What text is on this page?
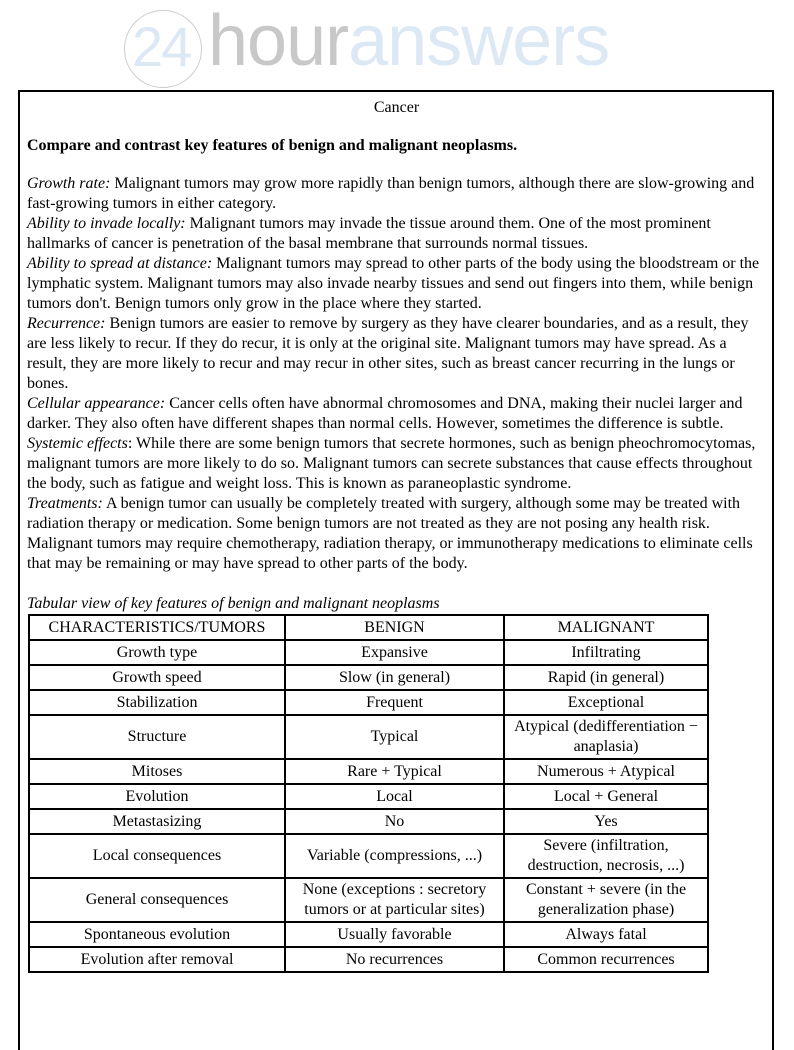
24 houranswers
Cancer
Compare and contrast key features of benign and malignant neoplasms.

Growth rate: Malignant tumors may grow more rapidly than benign tumors, although there are slow-growing and fast-growing tumors in either category.

Ability to invade locally: Malignant tumors may invade the tissue around them. One of the most prominent hallmarks of cancer is penetration of the basal membrane that surrounds normal tissues.

Ability to spread at distance: Malignant tumors may spread to other parts of the body using the bloodstream or the lymphatic system. Malignant tumors may also invade nearby tissues and send out fingers into them, while benign tumors don't. Benign tumors only grow in the place where they started.

Recurrence: Benign tumors are easier to remove by surgery as they have clearer boundaries, and as a result, they are less likely to recur. If they do recur, it is only at the original site. Malignant tumors may have spread. As a result, they are more likely to recur and may recur in other sites, such as breast cancer recurring in the lungs or bones.

Cellular appearance: Cancer cells often have abnormal chromosomes and DNA, making their nuclei larger and darker. They also often have different shapes than normal cells. However, sometimes the difference is subtle.

Systemic effects: While there are some benign tumors that secrete hormones, such as benign pheochromocytomas, malignant tumors are more likely to do so. Malignant tumors can secrete substances that cause effects throughout the body, such as fatigue and weight loss. This is known as paraneoplastic syndrome.

Treatments: A benign tumor can usually be completely treated with surgery, although some may be treated with radiation therapy or medication. Some benign tumors are not treated as they are not posing any health risk. Malignant tumors may require chemotherapy, radiation therapy, or immunotherapy medications to eliminate cells that may be remaining or may have spread to other parts of the body.

Tabular view of key features of benign and malignant neoplasms
CHARACTERISTICS/TUMORS	BENIGN	MALIGNANT
Growth type	Expansive	Infiltrating
Growth speed	Slow (in general)	Rapid (in general)
Stabilization	Frequent	Exceptional
Structure	Typical	Atypical (dedifferentiation − anaplasia)
Mitoses	Rare + Typical	Numerous + Atypical
Evolution	Local	Local + General
Metastasizing	No	Yes
Local consequences	Variable (compressions, ...)	Severe (infiltration, destruction, necrosis, ...)
General consequences	None (exceptions : secretory tumors or at particular sites)	Constant + severe (in the generalization phase)
Spontaneous evolution	Usually favorable	Always fatal
Evolution after removal	No recurrences	Common recurrences
